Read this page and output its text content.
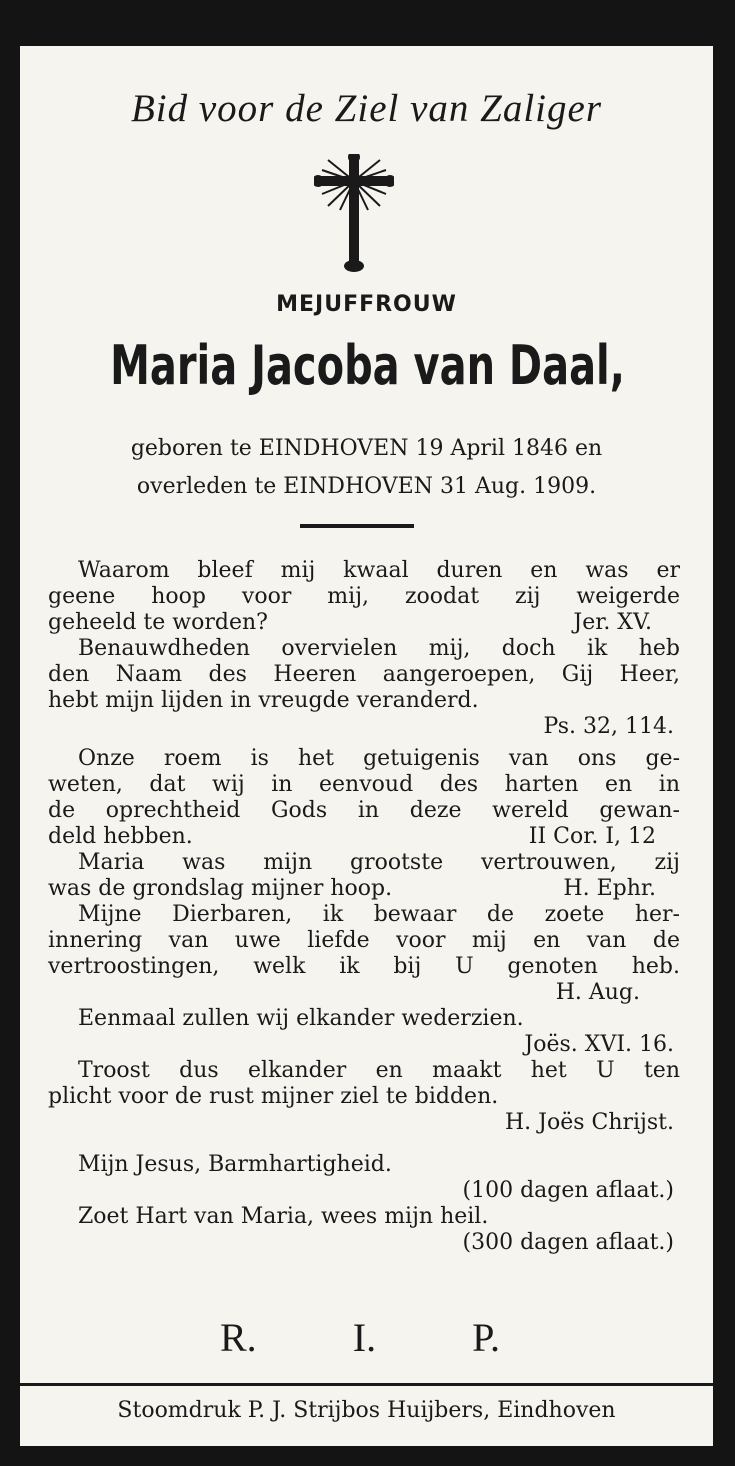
Bid voor de Ziel van Zaliger
MEJUFFROUW
Maria Jacoba van Daal,
geboren te EINDHOVEN 19 April 1846 en
overleden te EINDHOVEN 31 Aug. 1909.
Waarom bleef mij kwaal duren en was er
geene hoop voor mij, zoodat zij weigerde
geheeld te worden?	Jer. XV.
Benauwdheden overvielen mij, doch ik heb
den Naam des Heeren aangeroepen, Gij Heer,
hebt mijn lijden in vreugde veranderd.
Ps. 32, 114.
Onze roem is het getuigenis van ons ge-
weten, dat wij in eenvoud des harten en in
de oprechtheid Gods in deze wereld gewan-
deld hebben.	II Cor. I, 12
Maria was mijn grootste vertrouwen, zij
was de grondslag mijner hoop.	H. Ephr.
Mijne Dierbaren, ik bewaar de zoete her-
innering van uwe liefde voor mij en van de
vertroostingen, welk ik bij U genoten heb.
H. Aug.
Eenmaal zullen wij elkander wederzien.
Joës. XVI. 16.
Troost dus elkander en maakt het U ten
plicht voor de rust mijner ziel te bidden.
H. Joës Chrijst.
Mijn Jesus, Barmhartigheid.
(100 dagen aflaat.)
Zoet Hart van Maria, wees mijn heil.
(300 dagen aflaat.)
R. I. P.
Stoomdruk P. J. Strijbos Huijbers, Eindhoven
